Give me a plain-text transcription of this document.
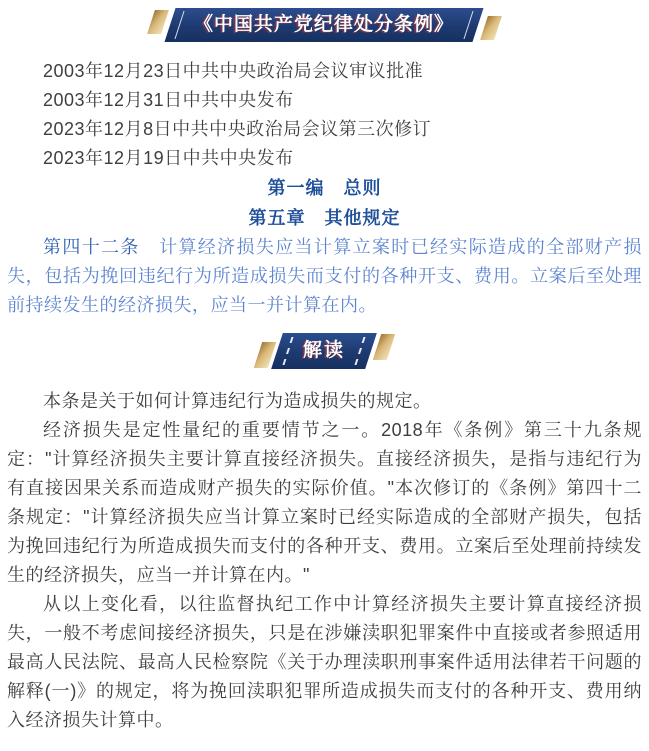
《中国共产党纪律处分条例》

2003年12月23日中共中央政治局会议审议批准

2003年12月31日中共中央发布

2023年12月8日中共中央政治局会议第三次修订

2023年12月19日中共中央发布

第一编　总则
第五章　其他规定

第四十二条　计算经济损失应当计算立案时已经实际造成的全部财产损失，包括为挽回违纪行为所造成损失而支付的各种开支、费用。立案后至处理前持续发生的经济损失，应当一并计算在内。

解读

本条是关于如何计算违纪行为造成损失的规定。

经济损失是定性量纪的重要情节之一。2018年《条例》第三十九条规定："计算经济损失主要计算直接经济损失。直接经济损失，是指与违纪行为有直接因果关系而造成财产损失的实际价值。"本次修订的《条例》第四十二条规定："计算经济损失应当计算立案时已经实际造成的全部财产损失，包括为挽回违纪行为所造成损失而支付的各种开支、费用。立案后至处理前持续发生的经济损失，应当一并计算在内。"

从以上变化看，以往监督执纪工作中计算经济损失主要计算直接经济损失，一般不考虑间接经济损失，只是在涉嫌渎职犯罪案件中直接或者参照适用最高人民法院、最高人民检察院《关于办理渎职刑事案件适用法律若干问题的解释(一)》的规定，将为挽回渎职犯罪所造成损失而支付的各种开支、费用纳入经济损失计算中。
